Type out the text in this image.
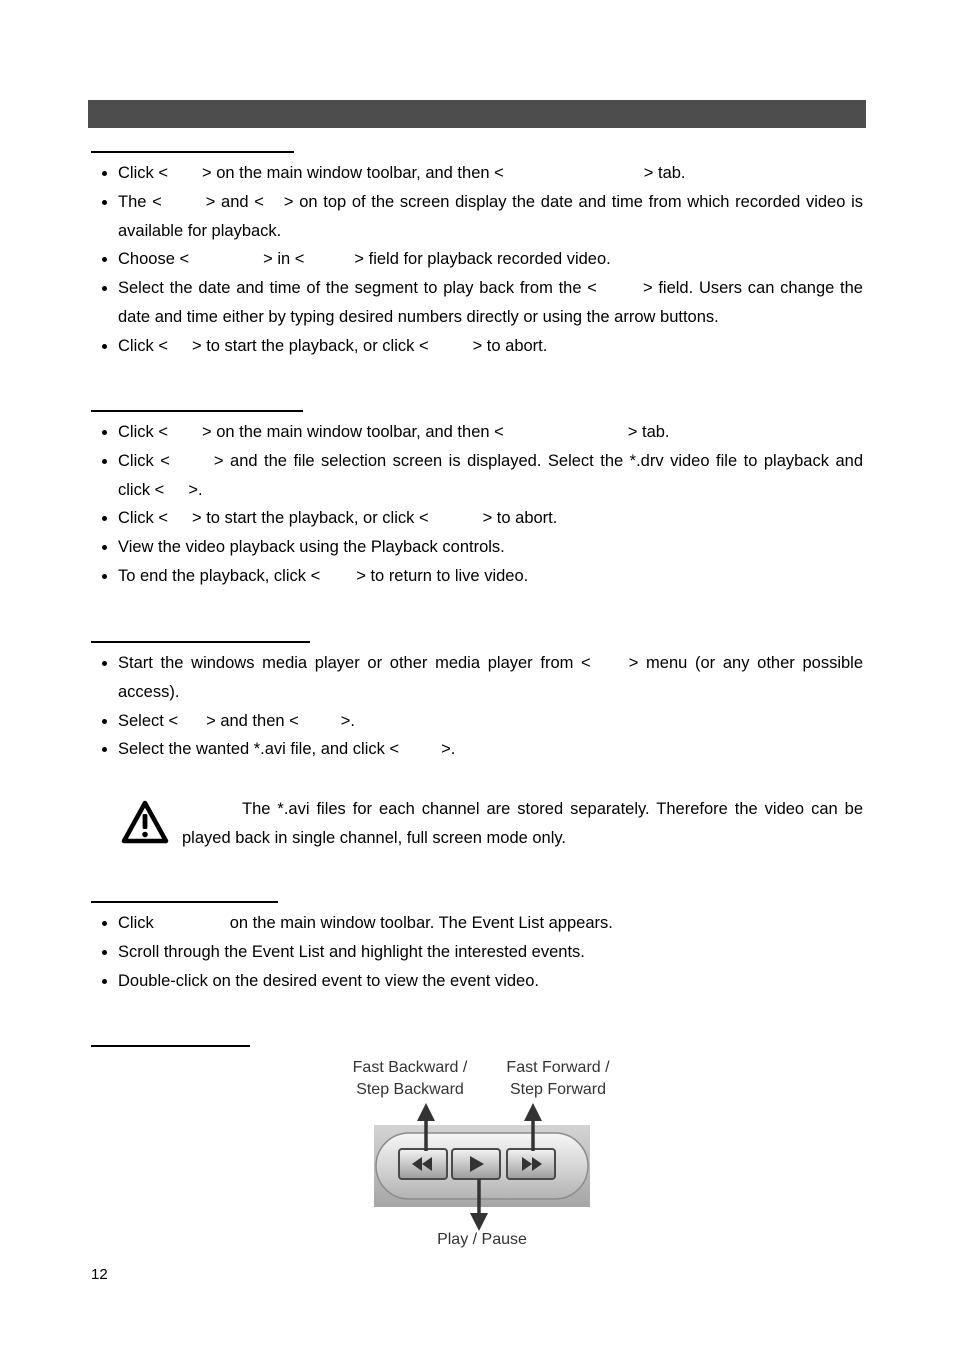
Click < > on the main window toolbar, and then <	> tab.
The <	> and < > on top of the screen display the date and time from which recorded video is available for playback.
Choose <	> in <	> field for playback recorded video.
Select the date and time of the segment to play back from the <	> field. Users can change the date and time either by typing desired numbers directly or using the arrow buttons.
Click < > to start the playback, or click <	> to abort.
Click < > on the main window toolbar, and then <	> tab.
Click <	> and the file selection screen is displayed. Select the *.drv video file to playback and click < >.
Click < > to start the playback, or click <	> to abort.
View the video playback using the Playback controls.
To end the playback, click < > to return to live video.
Start the windows media player or other media player from < > menu (or any other possible access).
Select < > and then <	>.
Select the wanted *.avi file, and click <	>.
The *.avi files for each channel are stored separately. Therefore the video can be played back in single channel, full screen mode only.
Click	on the main window toolbar. The Event List appears.
Scroll through the Event List and highlight the interested events.
Double-click on the desired event to view the event video.
Fast Backward /
Step Backward
Fast Forward /
Step Forward
Play / Pause
12
